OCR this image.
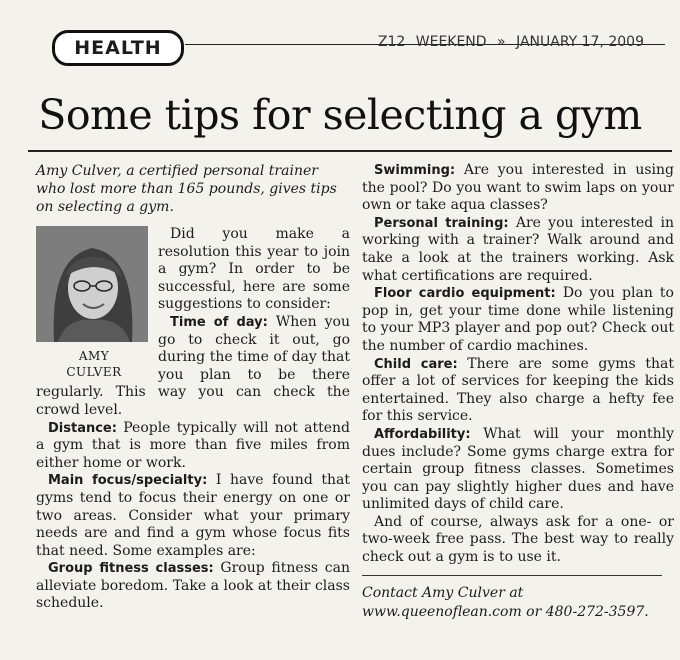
HEALTH	Z12 WEEKEND » JANUARY 17, 2009
Some tips for selecting a gym

Amy Culver, a certified personal trainer who lost more than 165 pounds, gives tips on selecting a gym.

AMY
CULVER

Did you make a resolution this year to join a gym? In order to be successful, here are some suggestions to consider:

Time of day: When you go to check it out, go during the time of day that you plan to be there regularly. This way you can check the crowd level.

Distance: People typically will not attend a gym that is more than five miles from either home or work.

Main focus/specialty: I have found that gyms tend to focus their energy on one or two areas. Consider what your primary needs are and find a gym whose focus fits that need. Some examples are:

Group fitness classes: Group fitness can alleviate boredom. Take a look at their class schedule.

Swimming: Are you interested in using the pool? Do you want to swim laps on your own or take aqua classes?

Personal training: Are you interested in working with a trainer? Walk around and take a look at the trainers working. Ask what certifications are required.

Floor cardio equipment: Do you plan to pop in, get your time done while listening to your MP3 player and pop out? Check out the number of cardio machines.

Child care: There are some gyms that offer a lot of services for keeping the kids entertained. They also charge a hefty fee for this service.

Affordability: What will your monthly dues include? Some gyms charge extra for certain group fitness classes. Sometimes you can pay slightly higher dues and have unlimited days of child care.

And of course, always ask for a one- or two-week free pass. The best way to really check out a gym is to use it.

Contact Amy Culver at
www.queenoflean.com or 480-272-3597.
